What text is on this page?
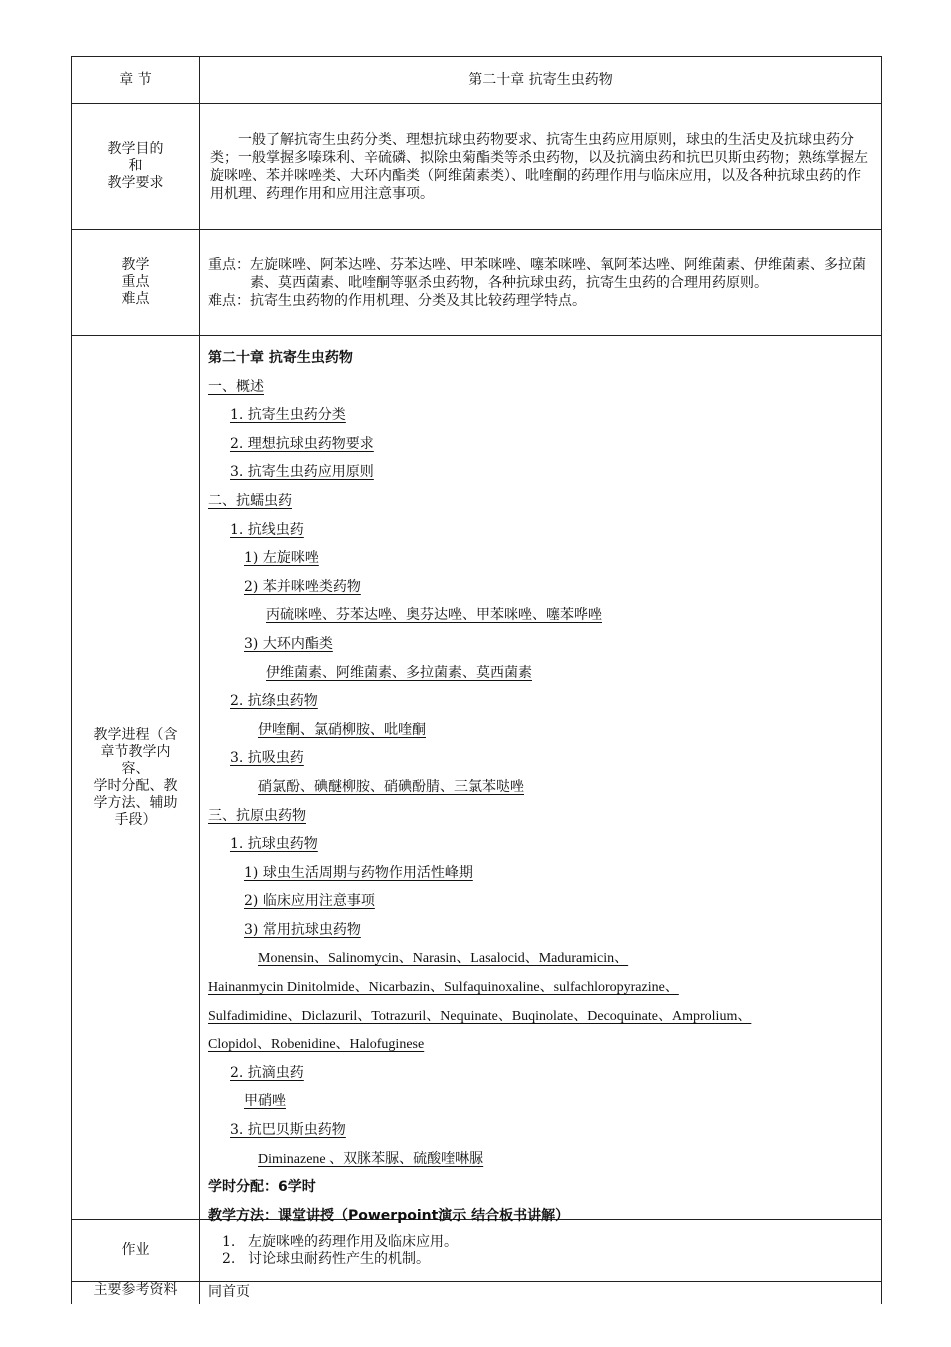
章 节	第二十章 抗寄生虫药物
教学目的
和
教学要求

一般了解抗寄生虫药分类、理想抗球虫药物要求、抗寄生虫药应用原则，球虫的生活史及抗球虫药分类；一般掌握多嗪珠利、辛硫磷、拟除虫菊酯类等杀虫药物，以及抗滴虫药和抗巴贝斯虫药物；熟练掌握左旋咪唑、苯并咪唑类、大环内酯类（阿维菌素类）、吡喹酮的药理作用与临床应用，以及各种抗球虫药的作用机理、药理作用和应用注意事项。

教学
重点
难点

重点：左旋咪唑、阿苯达唑、芬苯达唑、甲苯咪唑、噻苯咪唑、氧阿苯达唑、阿维菌素、伊维菌素、多拉菌素、莫西菌素、吡喹酮等驱杀虫药物，各种抗球虫药，抗寄生虫药的合理用药原则。

难点：抗寄生虫药物的作用机理、分类及其比较药理学特点。

教学进程（含
章节教学内
容、
学时分配、教
学方法、辅助
手段）
第二十章 抗寄生虫药物
一、概述
1. 抗寄生虫药分类
2. 理想抗球虫药物要求
3. 抗寄生虫药应用原则
二、抗蠕虫药
1. 抗线虫药
1) 左旋咪唑
2) 苯并咪唑类药物
丙硫咪唑、芬苯达唑、奥芬达唑、甲苯咪唑、噻苯哗唑
3) 大环内酯类
伊维菌素、阿维菌素、多拉菌素、莫西菌素
2. 抗绦虫药物
伊喹酮、氯硝柳胺、吡喹酮
3. 抗吸虫药
硝氯酚、碘醚柳胺、硝碘酚腈、三氯苯哒唑
三、抗原虫药物
1. 抗球虫药物
1) 球虫生活周期与药物作用活性峰期
2) 临床应用注意事项
3) 常用抗球虫药物
Monensin、Salinomycin、Narasin、Lasalocid、Maduramicin、
Hainanmycin Dinitolmide、Nicarbazin、Sulfaquinoxaline、sulfachloropyrazine、
Sulfadimidine、Diclazuril、Totrazuril、Nequinate、Buqinolate、Decoquinate、Amprolium、
Clopidol、Robenidine、Halofuginese
2. 抗滴虫药
甲硝唑
3. 抗巴贝斯虫药物
Diminazene 、双脒苯脲、硫酸喹啉脲
学时分配：6学时
教学方法：课堂讲授（Powerpoint演示 结合板书讲解）
作业
1. 左旋咪唑的药理作用及临床应用。
2. 讨论球虫耐药性产生的机制。
主要参考资料	同首页
